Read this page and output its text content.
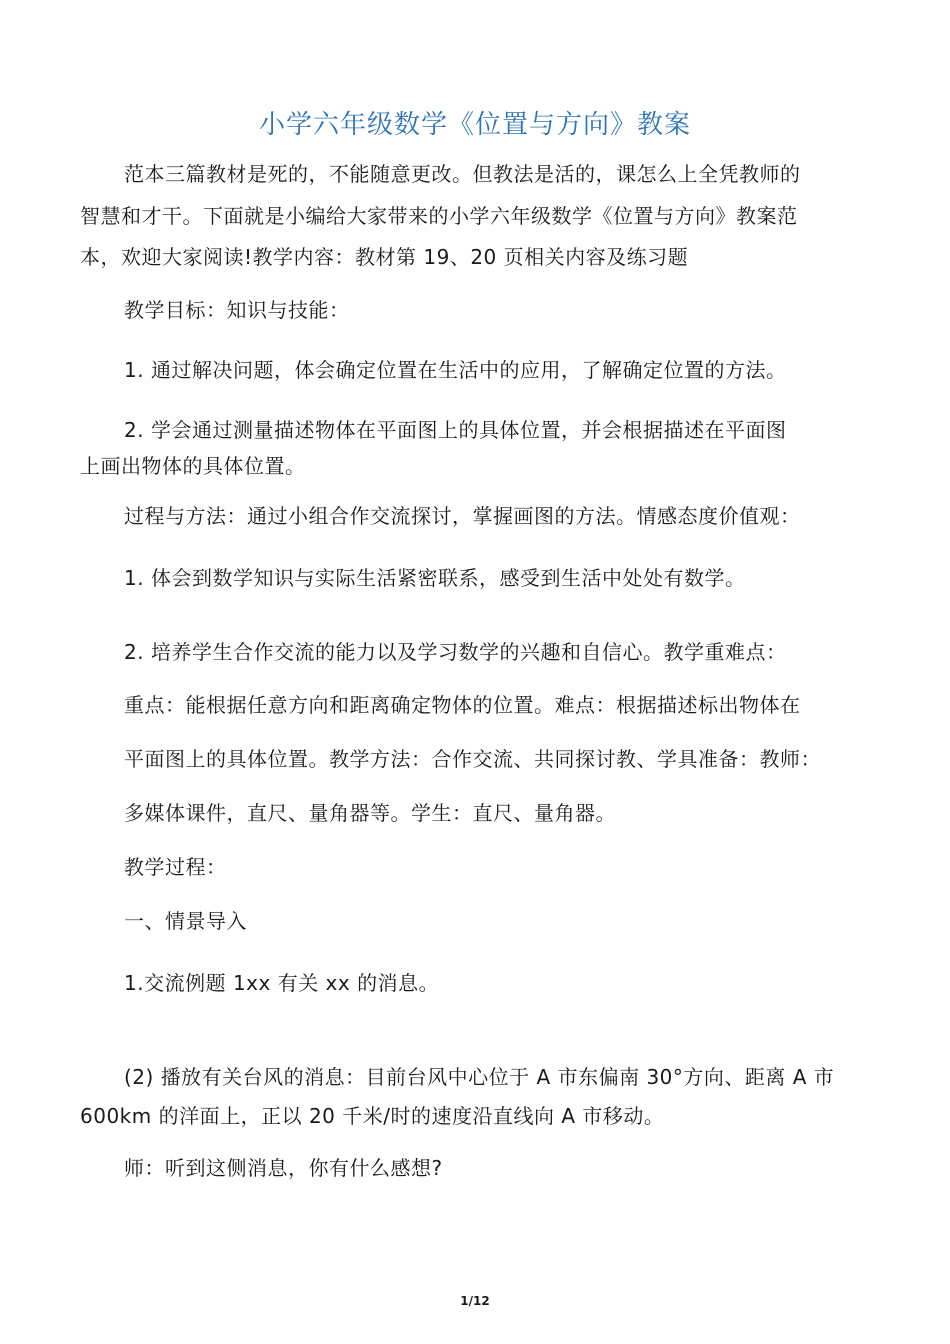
小学六年级数学《位置与方向》教案
范本三篇教材是死的，不能随意更改。但教法是活的，课怎么上全凭教师的
智慧和才干。下面就是小编给大家带来的小学六年级数学《位置与方向》教案范
本，欢迎大家阅读!教学内容：教材第 19、20 页相关内容及练习题
教学目标：知识与技能：
1. 通过解决问题，体会确定位置在生活中的应用，了解确定位置的方法。
2. 学会通过测量描述物体在平面图上的具体位置，并会根据描述在平面图
上画出物体的具体位置。
过程与方法：通过小组合作交流探讨，掌握画图的方法。情感态度价值观：
1. 体会到数学知识与实际生活紧密联系，感受到生活中处处有数学。
2. 培养学生合作交流的能力以及学习数学的兴趣和自信心。教学重难点：
重点：能根据任意方向和距离确定物体的位置。难点：根据描述标出物体在
平面图上的具体位置。教学方法：合作交流、共同探讨教、学具准备：教师：
多媒体课件，直尺、量角器等。学生：直尺、量角器。
教学过程：
一、情景导入
1.交流例题 1xx 有关 xx 的消息。
(2) 播放有关台风的消息：目前台风中心位于 A 市东偏南 30°方向、距离 A 市
600km 的洋面上，正以 20 千米/时的速度沿直线向 A 市移动。
师：听到这侧消息，你有什么感想?
1/12
